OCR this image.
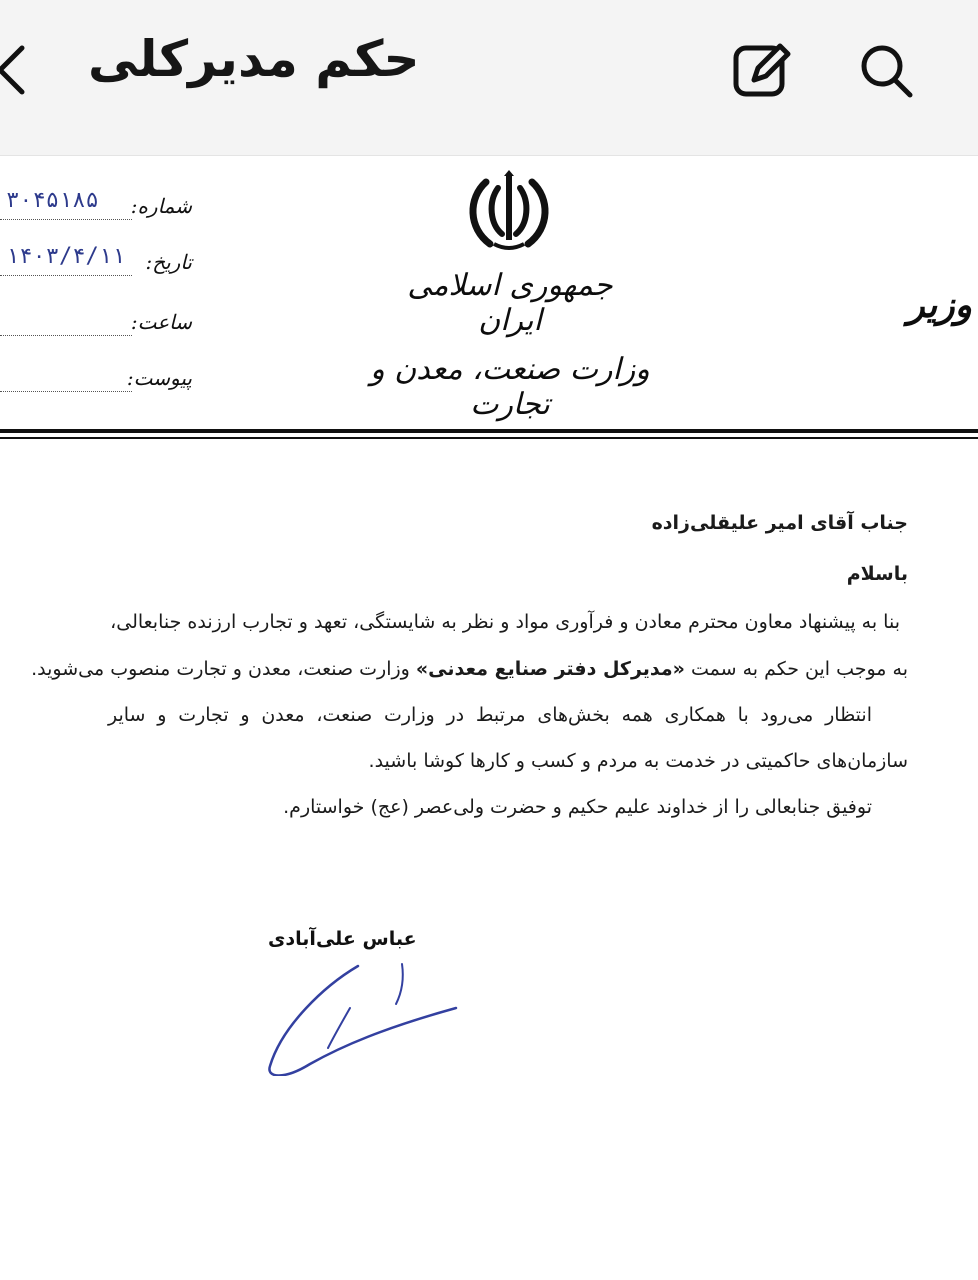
حکم مدیرکلی
جمهوری اسلامی ایران
وزارت صنعت، معدن و تجارت
وزیر
۳۰۴۵۱۸۵ شماره:
۱۴۰۳/۴/۱۱ تاریخ:
ساعت:
پیوست:
جناب آقای امیر علیقلی‌زاده
باسلام
بنا به پیشنهاد معاون محترم معادن و فرآوری مواد و نظر به شایستگی، تعهد و تجارب ارزنده جنابعالی،
به موجب این حکم به سمت «مدیرکل دفتر صنایع معدنی» وزارت صنعت، معدن و تجارت منصوب می‌شوید.
انتظار می‌رود با همکاری همه بخش‌های مرتبط در وزارت صنعت، معدن و تجارت و سایر
سازمان‌های حاکمیتی در خدمت به مردم و کسب و کارها کوشا باشید.
توفیق جنابعالی را از خداوند علیم حکیم و حضرت ولی‌عصر (عج) خواستارم.
عباس علی‌آبادی
